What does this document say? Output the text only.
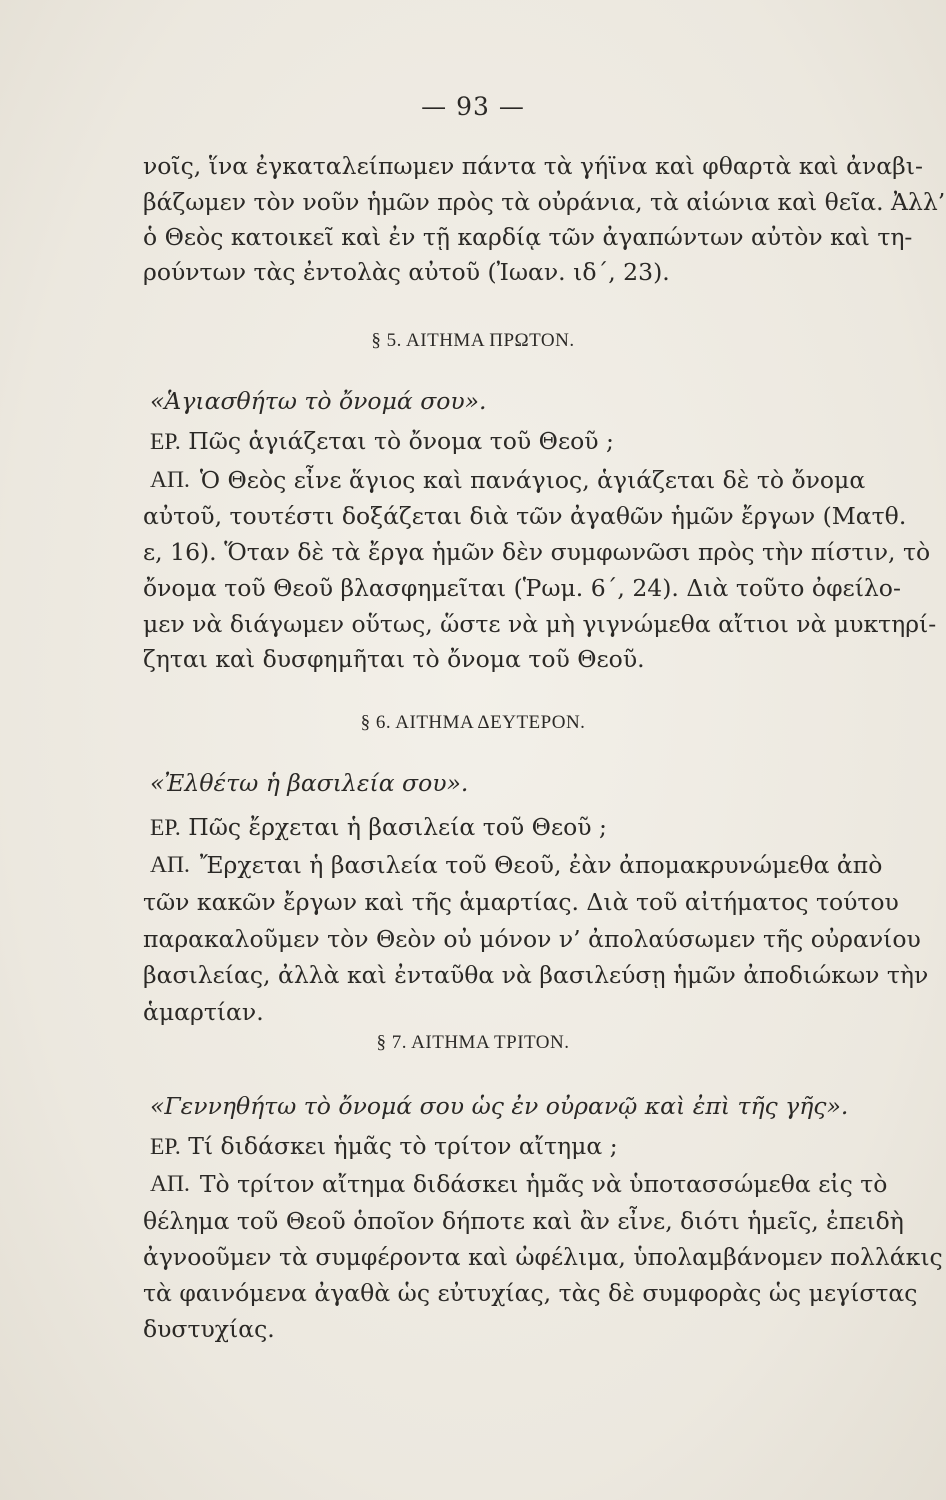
— 93 —
νοῖς, ἵνα ἐγκαταλείπωμεν πάντα τὰ γήϊνα καὶ φθαρτὰ καὶ ἀναβι-
βάζωμεν τὸν νοῦν ἡμῶν πρὸς τὰ οὐράνια, τὰ αἰώνια καὶ θεῖα. Ἀλλ’
ὁ Θεὸς κατοικεῖ καὶ ἐν τῇ καρδίᾳ τῶν ἀγαπώντων αὐτὸν καὶ τη-
ρούντων τὰς ἐντολὰς αὐτοῦ (Ἰωαν. ιδ΄, 23).
§ 5. ΑΙΤΗΜΑ ΠΡΩΤΟΝ.
«Ἁγιασθήτω τὸ ὄνομά σου».
ΕΡ. Πῶς ἁγιάζεται τὸ ὄνομα τοῦ Θεοῦ ;
ΑΠ. Ὁ Θεὸς εἶνε ἅγιος καὶ πανάγιος, ἁγιάζεται δὲ τὸ ὄνομα
αὐτοῦ, τουτέστι δοξάζεται διὰ τῶν ἀγαθῶν ἡμῶν ἔργων (Ματθ.
ε, 16). Ὅταν δὲ τὰ ἔργα ἡμῶν δὲν συμφωνῶσι πρὸς τὴν πίστιν, τὸ
ὄνομα τοῦ Θεοῦ βλασφημεῖται (Ῥωμ. 6΄, 24). Διὰ τοῦτο ὀφείλο-
μεν νὰ διάγωμεν οὕτως, ὥστε νὰ μὴ γιγνώμεθα αἴτιοι νὰ μυκτηρί-
ζηται καὶ δυσφημῆται τὸ ὄνομα τοῦ Θεοῦ.
§ 6. ΑΙΤΗΜΑ ΔΕΥΤΕΡΟΝ.
«Ἐλθέτω ἡ βασιλεία σου».
ΕΡ. Πῶς ἔρχεται ἡ βασιλεία τοῦ Θεοῦ ;
ΑΠ. Ἔρχεται ἡ βασιλεία τοῦ Θεοῦ, ἐὰν ἀπομακρυνώμεθα ἀπὸ
τῶν κακῶν ἔργων καὶ τῆς ἁμαρτίας. Διὰ τοῦ αἰτήματος τούτου
παρακαλοῦμεν τὸν Θεὸν οὐ μόνον ν’ ἀπολαύσωμεν τῆς οὐρανίου
βασιλείας, ἀλλὰ καὶ ἐνταῦθα νὰ βασιλεύσῃ ἡμῶν ἀποδιώκων τὴν
ἁμαρτίαν.
§ 7. ΑΙΤΗΜΑ ΤΡΙΤΟΝ.
«Γεννηθήτω τὸ ὄνομά σου ὡς ἐν οὐρανῷ καὶ ἐπὶ τῆς γῆς».
ΕΡ. Τί διδάσκει ἡμᾶς τὸ τρίτον αἴτημα ;
ΑΠ. Τὸ τρίτον αἴτημα διδάσκει ἡμᾶς νὰ ὑποτασσώμεθα εἰς τὸ
θέλημα τοῦ Θεοῦ ὁποῖον δήποτε καὶ ἂν εἶνε, διότι ἡμεῖς, ἐπειδὴ
ἀγνοοῦμεν τὰ συμφέροντα καὶ ὠφέλιμα, ὑπολαμβάνομεν πολλάκις
τὰ φαινόμενα ἀγαθὰ ὡς εὐτυχίας, τὰς δὲ συμφορὰς ὡς μεγίστας
δυστυχίας.
